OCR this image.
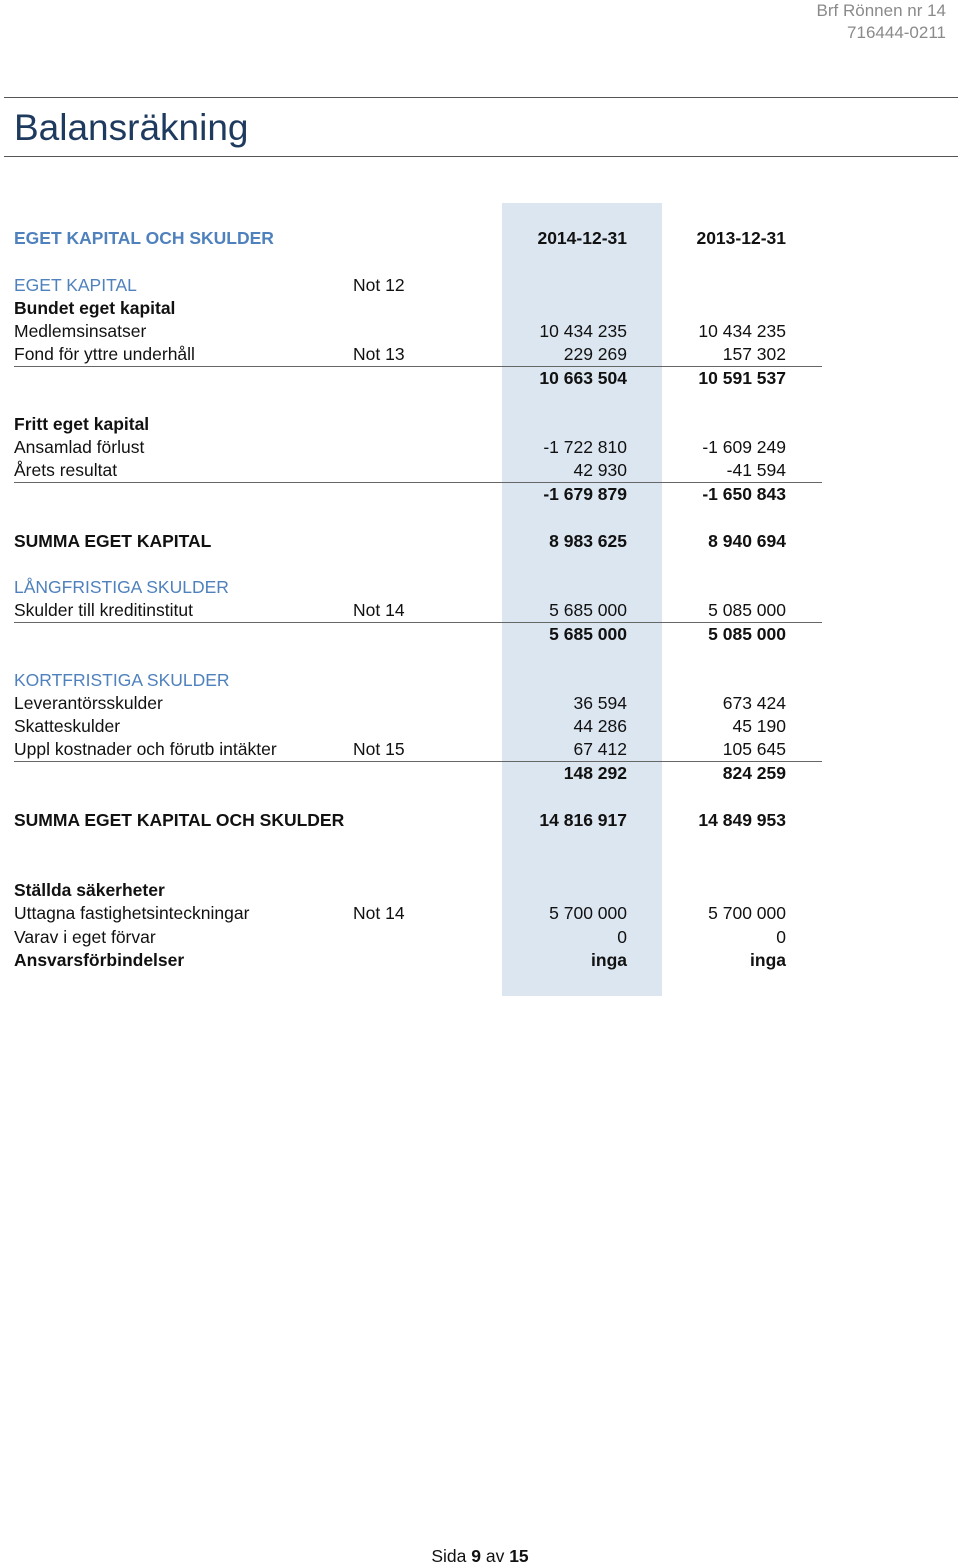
Brf Rönnen nr 14
716444-0211
Balansräkning
EGET KAPITAL OCH SKULDER	2014-12-31	2013-12-31
EGET KAPITAL	Not 12
Bundet eget kapital
Medlemsinsatser	10 434 235	10 434 235
Fond för yttre underhåll	Not 13	229 269	157 302
10 663 504	10 591 537
Fritt eget kapital
Ansamlad förlust	-1 722 810	-1 609 249
Årets resultat	42 930	-41 594
-1 679 879	-1 650 843
SUMMA EGET KAPITAL	8 983 625	8 940 694
LÅNGFRISTIGA SKULDER
Skulder till kreditinstitut	Not 14	5 685 000	5 085 000
5 685 000	5 085 000
KORTFRISTIGA SKULDER
Leverantörsskulder	36 594	673 424
Skatteskulder	44 286	45 190
Uppl kostnader och förutb intäkter	Not 15	67 412	105 645
148 292	824 259
SUMMA EGET KAPITAL OCH SKULDER	14 816 917	14 849 953
Ställda säkerheter
Uttagna fastighetsinteckningar	Not 14	5 700 000	5 700 000
Varav i eget förvar	0	0
Ansvarsförbindelser	inga	inga
Sida 9 av 15
